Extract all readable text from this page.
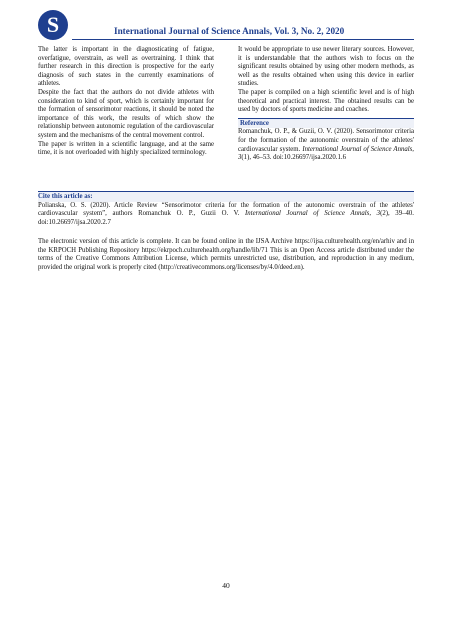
S	International Journal of Science Annals, Vol. 3, No. 2, 2020

The latter is important in the diagnosticating of fatigue, overfatigue, overstrain, as well as overtraining. I think that further research in this direction is prospective for the early diagnosis of such states in the currently examinations of athletes.

Despite the fact that the authors do not divide athletes with consideration to kind of sport, which is certainly important for the formation of sensorimotor reactions, it should be noted the importance of this work, the results of which show the relationship between autonomic regulation of the cardiovascular system and the mechanisms of the central movement control.

The paper is written in a scientific language, and at the same time, it is not overloaded with highly specialized terminology.

It would be appropriate to use newer literary sources. However, it is understandable that the authors wish to focus on the significant results obtained by using other modern methods, as well as the results obtained when using this device in earlier studies.

The paper is compiled on a high scientific level and is of high theoretical and practical interest. The obtained results can be used by doctors of sports medicine and coaches.

Reference

Romanchuk, O. P., & Guzii, O. V. (2020). Sensorimotor criteria for the formation of the autonomic overstrain of the athletes' cardiovascular system. International Journal of Science Annals, 3(1), 46–53. doi:10.26697/ijsa.2020.1.6

Cite this article as:

Polianska, O. S. (2020). Article Review “Sensorimotor criteria for the formation of the autonomic overstrain of the athletes' cardiovascular system”, authors Romanchuk O. P., Guzii O. V. International Journal of Science Annals, 3(2), 39–40. doi:10.26697/ijsa.2020.2.7

The electronic version of this article is complete. It can be found online in the IJSA Archive https://ijsa.culturehealth.org/en/arhiv and in the KRPOCH Publishing Repository https://ekrpoch.culturehealth.org/handle/lib/71 This is an Open Access article distributed under the terms of the Creative Commons Attribution License, which permits unrestricted use, distribution, and reproduction in any medium, provided the original work is properly cited (http://creativecommons.org/licenses/by/4.0/deed.en).

40
